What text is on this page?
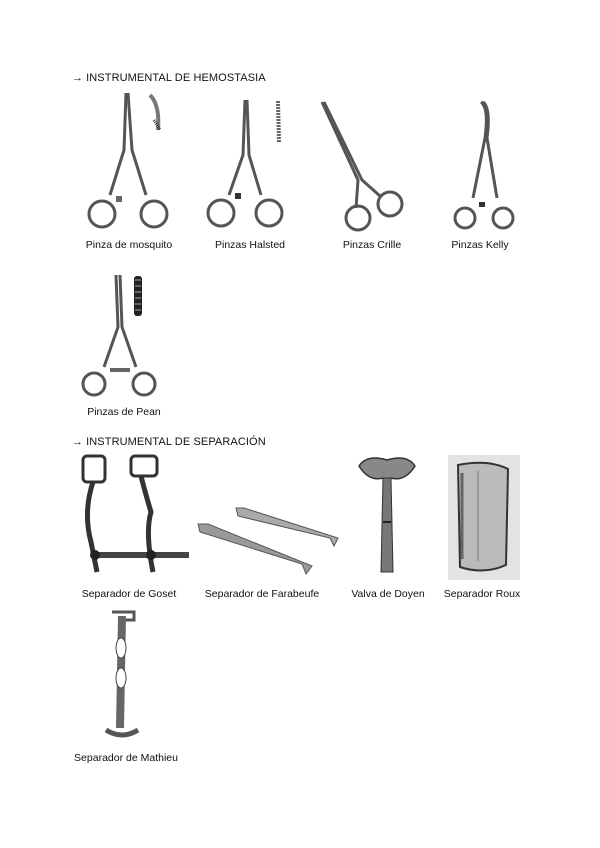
→ INSTRUMENTAL DE HEMOSTASIA
Pinza de mosquito	Pinzas Halsted	Pinzas Crille	Pinzas Kelly
Pinzas de Pean
→ INSTRUMENTAL DE SEPARACIÓN
Separador de Goset	Separador de Farabeufe	Valva de Doyen Separador Roux
Separador de Mathieu
